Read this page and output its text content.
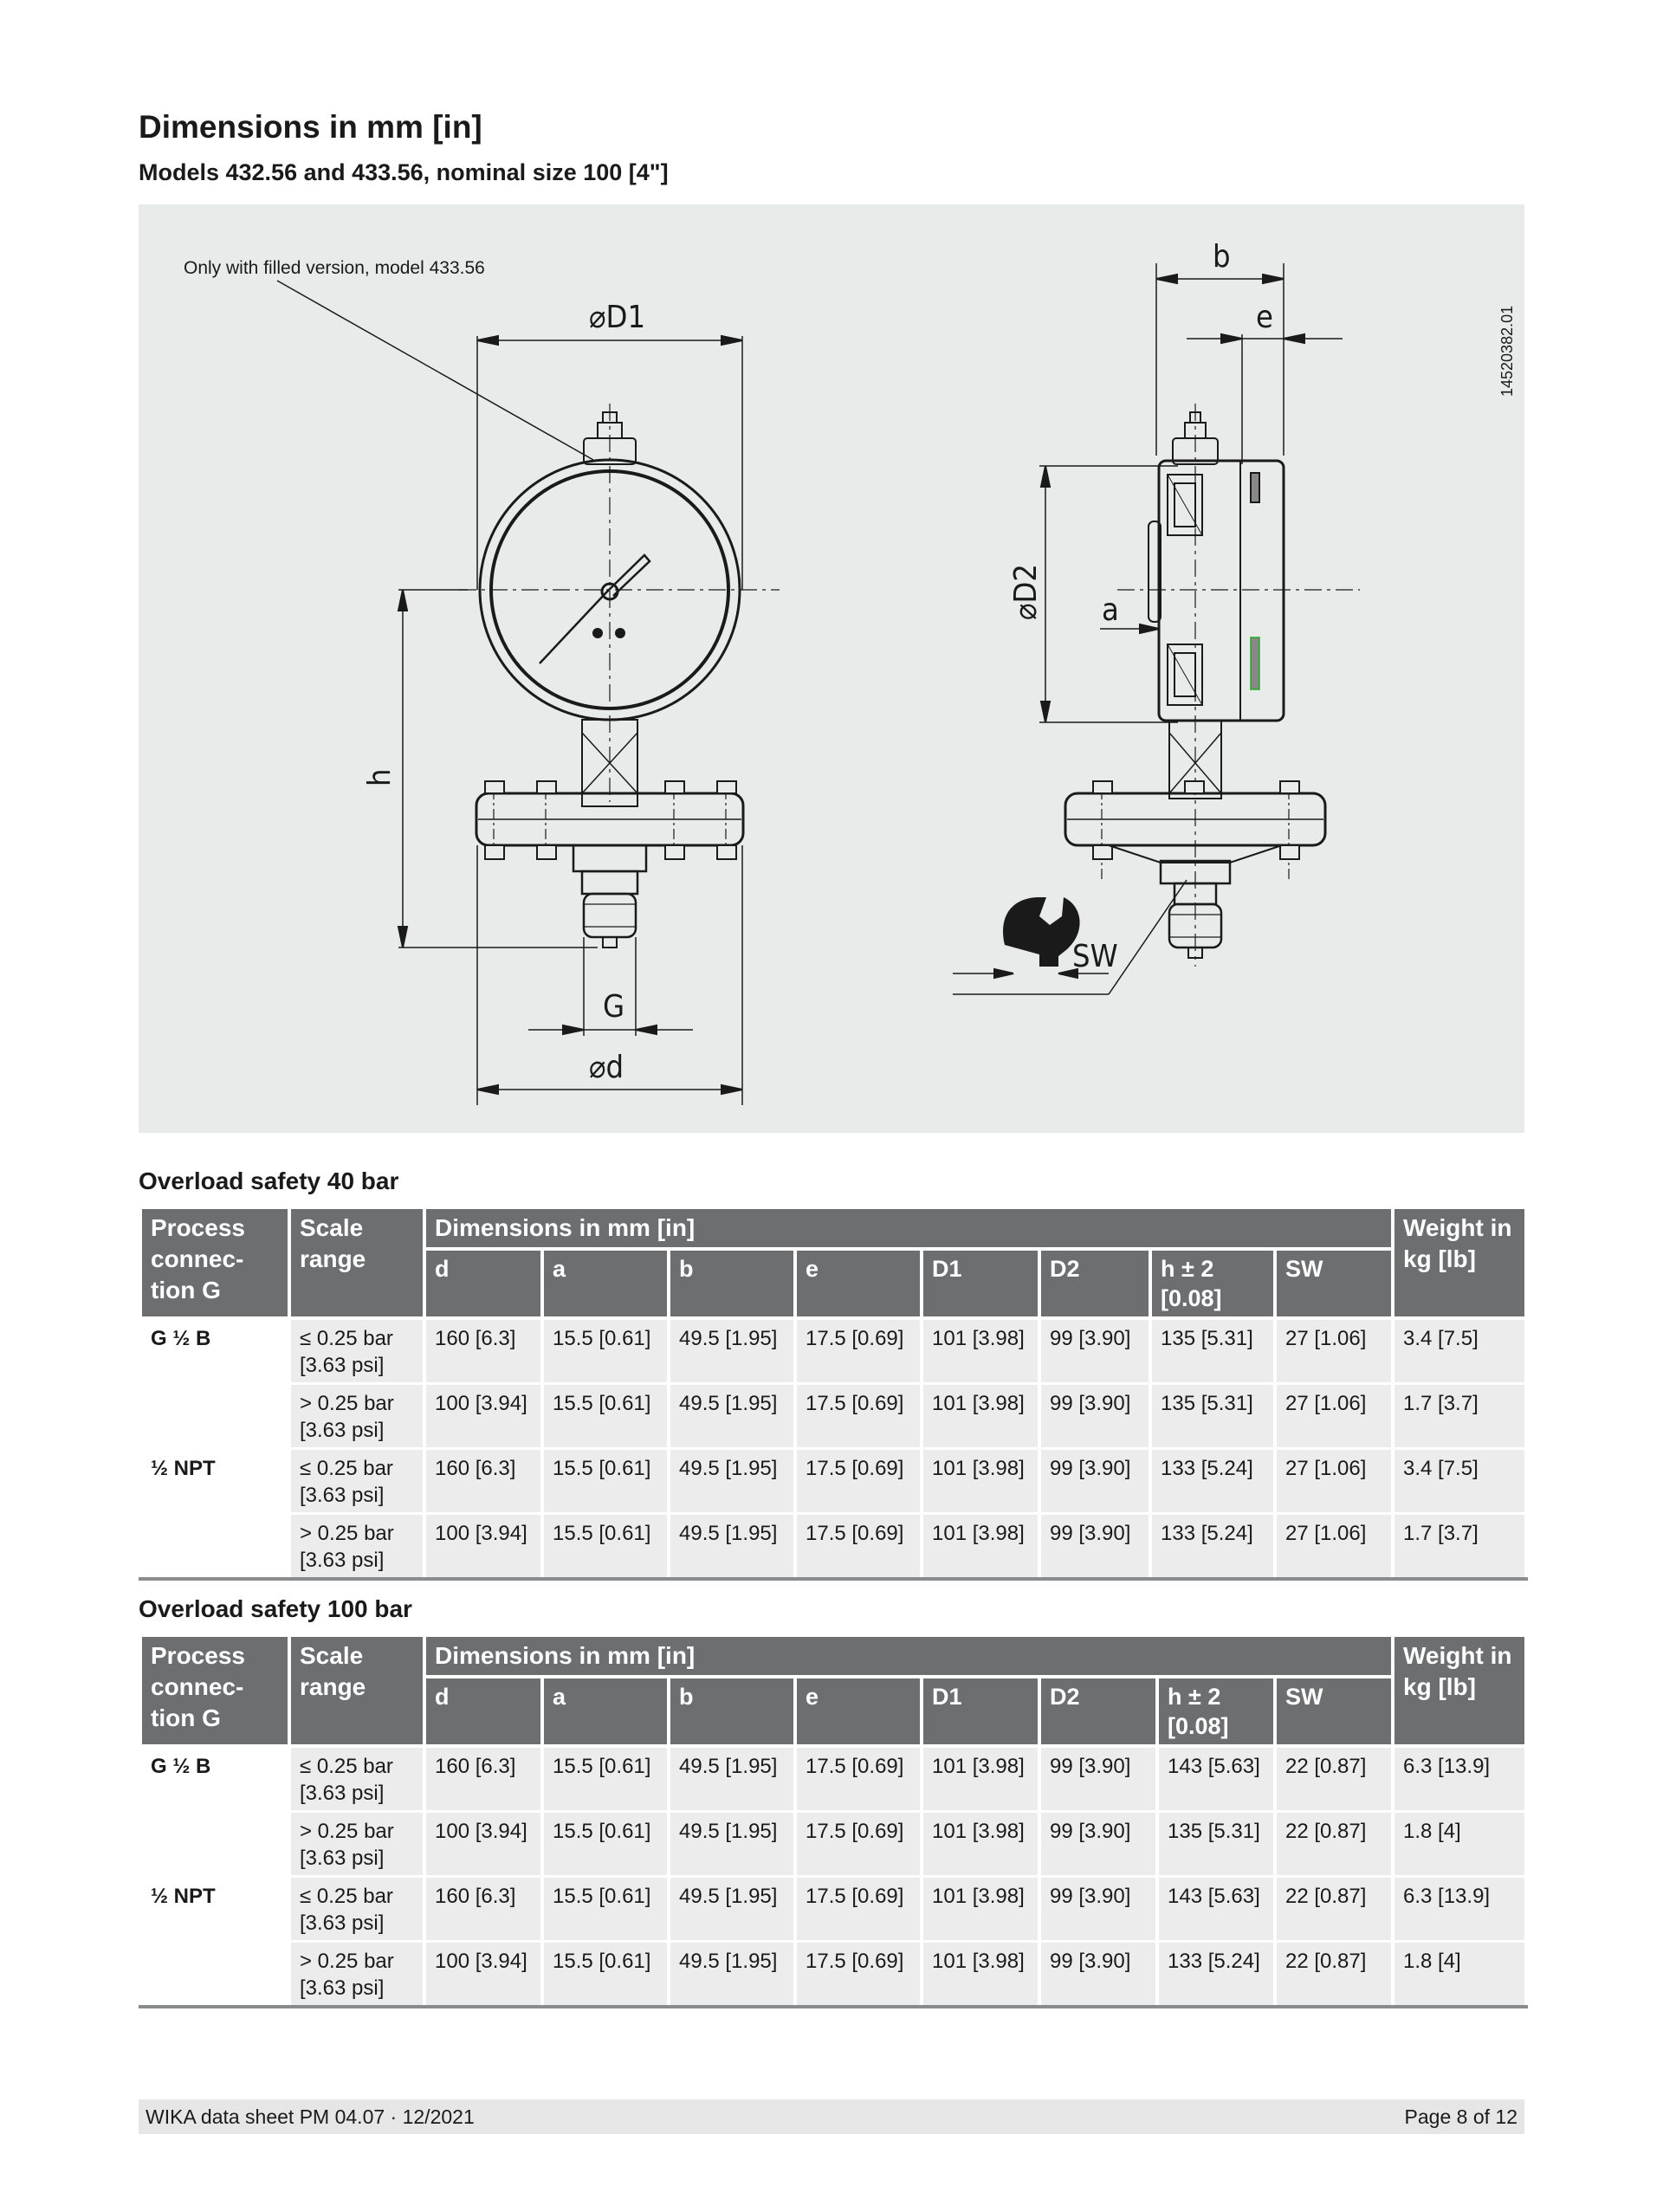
Dimensions in mm [in]
Models 432.56 and 433.56, nominal size 100 [4"]
Only with filled version, model 433.56
⌀D1
⌀d
G
h
b
e
⌀D2 a
SW
14520382.01
Overload safety 40 bar
Process connec-tion G	Scale range	Dimensions in mm [in]								Weight in kg [lb]
		d	a	b	e	D1	D2	h ± 2 [0.08]	SW	
G ½ B	≤ 0.25 bar [3.63 psi]	160 [6.3]	15.5 [0.61]	49.5 [1.95]	17.5 [0.69]	101 [3.98]	99 [3.90]	135 [5.31]	27 [1.06]	3.4 [7.5]
	> 0.25 bar [3.63 psi]	100 [3.94]	15.5 [0.61]	49.5 [1.95]	17.5 [0.69]	101 [3.98]	99 [3.90]	135 [5.31]	27 [1.06]	1.7 [3.7]
½ NPT	≤ 0.25 bar [3.63 psi]	160 [6.3]	15.5 [0.61]	49.5 [1.95]	17.5 [0.69]	101 [3.98]	99 [3.90]	133 [5.24]	27 [1.06]	3.4 [7.5]
	> 0.25 bar [3.63 psi]	100 [3.94]	15.5 [0.61]	49.5 [1.95]	17.5 [0.69]	101 [3.98]	99 [3.90]	133 [5.24]	27 [1.06]	1.7 [3.7]
Overload safety 100 bar
Process connec-tion G	Scale range	Dimensions in mm [in]								Weight in kg [lb]
		d	a	b	e	D1	D2	h ± 2 [0.08]	SW	
G ½ B	≤ 0.25 bar [3.63 psi]	160 [6.3]	15.5 [0.61]	49.5 [1.95]	17.5 [0.69]	101 [3.98]	99 [3.90]	143 [5.63]	22 [0.87]	6.3 [13.9]
	> 0.25 bar [3.63 psi]	100 [3.94]	15.5 [0.61]	49.5 [1.95]	17.5 [0.69]	101 [3.98]	99 [3.90]	135 [5.31]	22 [0.87]	1.8 [4]
½ NPT	≤ 0.25 bar [3.63 psi]	160 [6.3]	15.5 [0.61]	49.5 [1.95]	17.5 [0.69]	101 [3.98]	99 [3.90]	143 [5.63]	22 [0.87]	6.3 [13.9]
	> 0.25 bar [3.63 psi]	100 [3.94]	15.5 [0.61]	49.5 [1.95]	17.5 [0.69]	101 [3.98]	99 [3.90]	133 [5.24]	22 [0.87]	1.8 [4]
WIKA data sheet PM 04.07 · 12/2021	Page 8 of 12
